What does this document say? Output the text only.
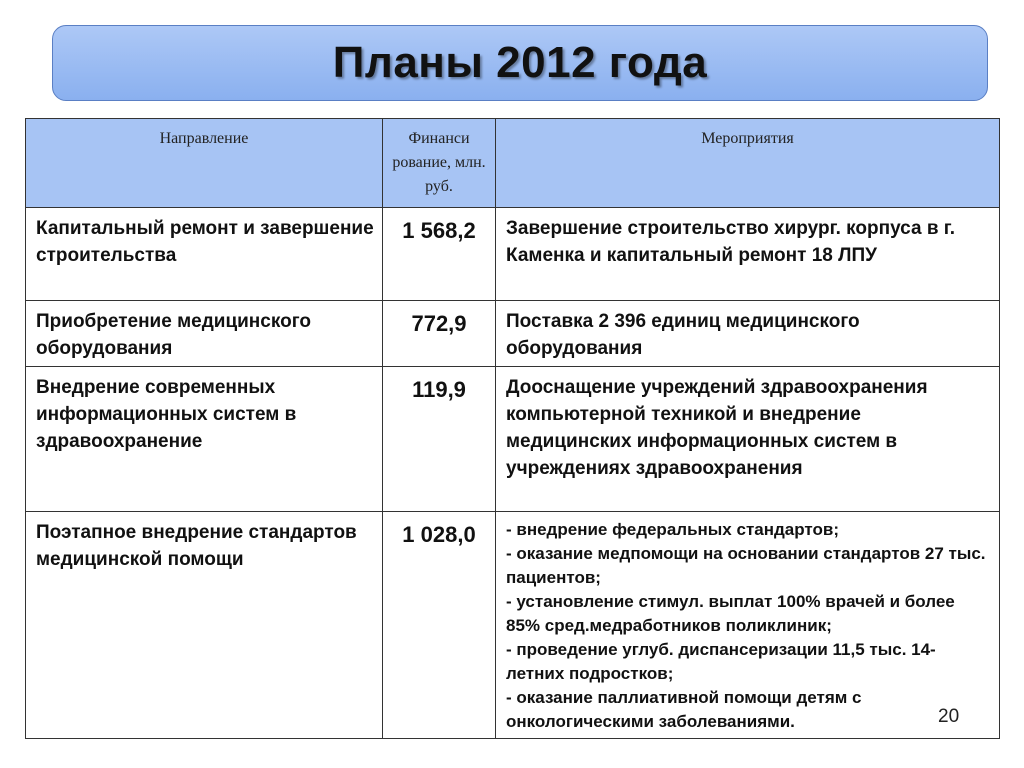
Планы 2012 года
Направление	Финанси рование, млн. руб.	Мероприятия
Капитальный ремонт и завершение строительства	1 568,2	Завершение строительство хирург. корпуса в г. Каменка и капитальный ремонт 18 ЛПУ

Приобретение медицинского оборудования	772,9	Поставка 2 396 единиц медицинского оборудования

Внедрение современных информационных систем в здравоохранение	119,9	Дооснащение учреждений здравоохранения компьютерной техникой и внедрение медицинских информационных систем в учреждениях здравоохранения

Поэтапное внедрение стандартов медицинской помощи	1 028,0	- внедрение федеральных стандартов;
- оказание медпомощи на основании стандартов 27 тыс. пациентов;
- установление стимул. выплат 100% врачей и более 85% сред.медработников поликлиник;
- проведение углуб. диспансеризации 11,5 тыс. 14-летних подростков;
- оказание паллиативной помощи детям с онкологическими заболеваниями.	20
